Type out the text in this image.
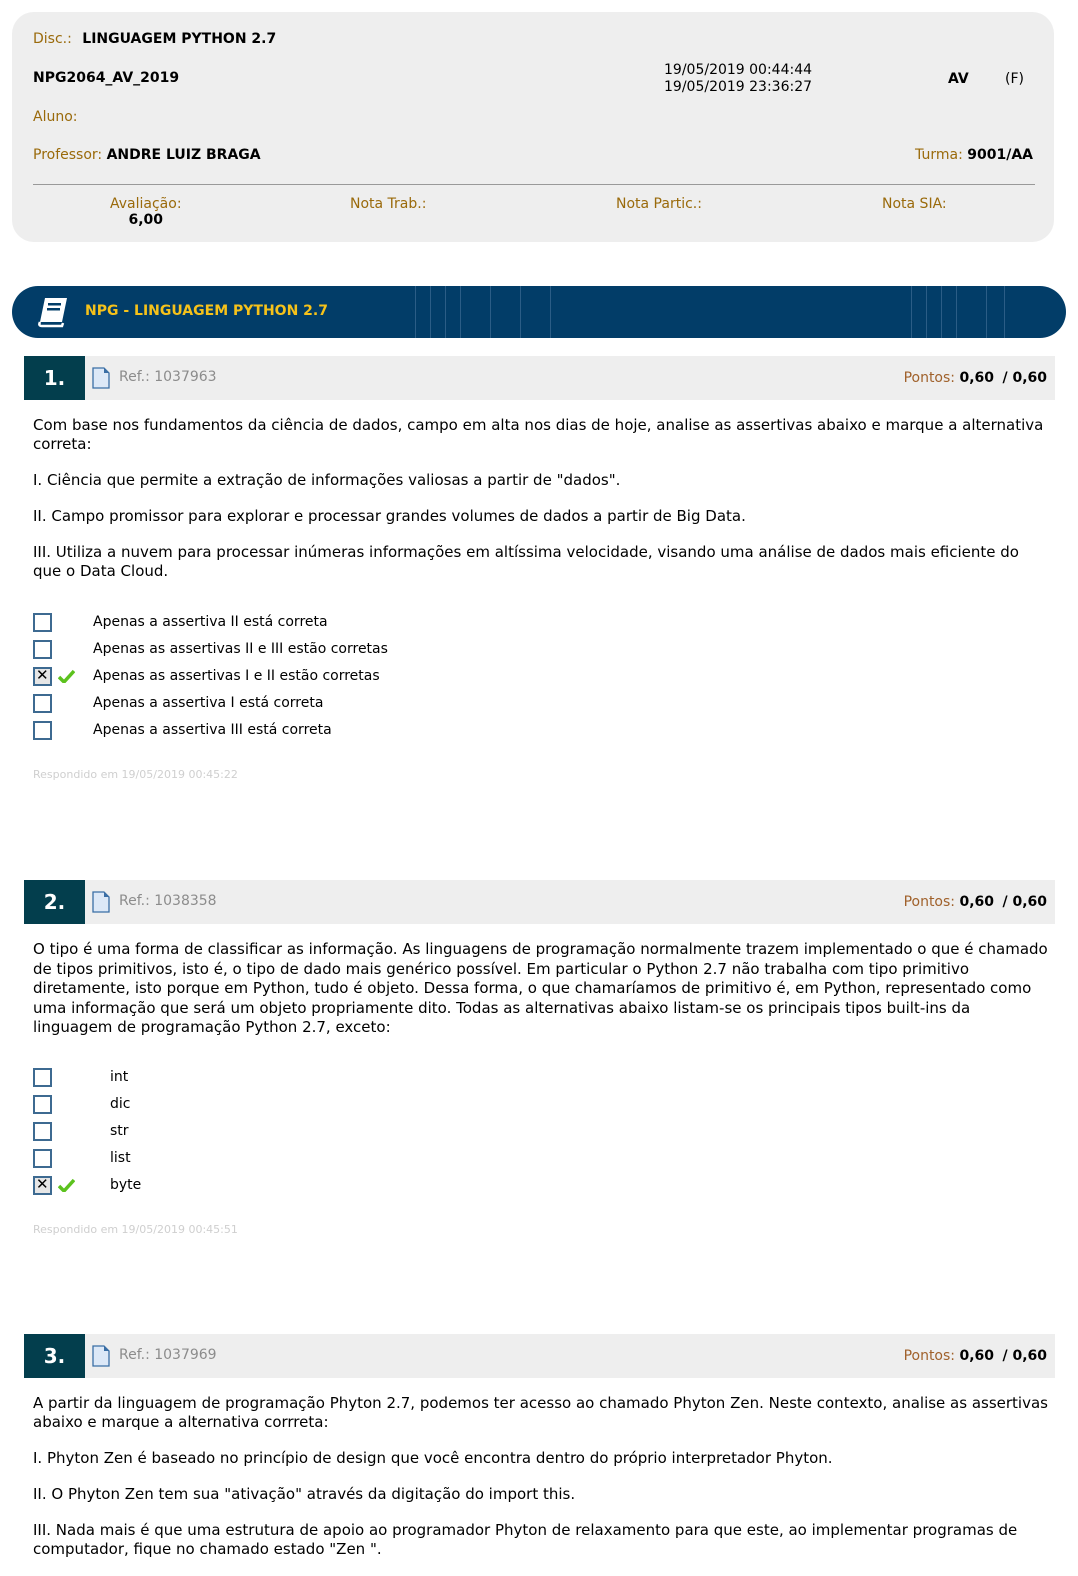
Disc.: LINGUAGEM PYTHON 2.7
NPG2064_AV_2019	19/05/2019 00:44:44
19/05/2019 23:36:27	AV	(F)
Aluno:
Professor: ANDRE LUIZ BRAGA	Turma: 9001/AA
Avaliação:
6,00
Nota Trab.:	Nota Partic.:	Nota SIA:
NPG - LINGUAGEM PYTHON 2.7
1.	Ref.: 1037963	Pontos: 0,60 / 0,60

Com base nos fundamentos da ciência de dados, campo em alta nos dias de hoje, analise as assertivas abaixo e marque a alternativa correta:

I. Ciência que permite a extração de informações valiosas a partir de "dados".

II. Campo promissor para explorar e processar grandes volumes de dados a partir de Big Data.

III. Utiliza a nuvem para processar inúmeras informações em altíssima velocidade, visando uma análise de dados mais eficiente do que o Data Cloud.

Apenas a assertiva II está correta
Apenas as assertivas II e III estão corretas
✕
Apenas as assertivas I e II estão corretas
Apenas a assertiva I está correta
Apenas a assertiva III está correta
Respondido em 19/05/2019 00:45:22
2.	Ref.: 1038358	Pontos: 0,60 / 0,60

O tipo é uma forma de classificar as informação. As linguagens de programação normalmente trazem implementado o que é chamado de tipos primitivos, isto é, o tipo de dado mais genérico possível. Em particular o Python 2.7 não trabalha com tipo primitivo diretamente, isto porque em Python, tudo é objeto. Dessa forma, o que chamaríamos de primitivo é, em Python, representado como uma informação que será um objeto propriamente dito. Todas as alternativas abaixo listam-se os principais tipos built-ins da linguagem de programação Python 2.7, exceto:

int
dic
str
list
✕
byte
Respondido em 19/05/2019 00:45:51
3.	Ref.: 1037969	Pontos: 0,60 / 0,60

A partir da linguagem de programação Phyton 2.7, podemos ter acesso ao chamado Phyton Zen. Neste contexto, analise as assertivas abaixo e marque a alternativa corrreta:

I. Phyton Zen é baseado no princípio de design que você encontra dentro do próprio interpretador Phyton.

II. O Phyton Zen tem sua "ativação" através da digitação do import this.

III. Nada mais é que uma estrutura de apoio ao programador Phyton de relaxamento para que este, ao implementar programas de computador, fique no chamado estado "Zen ".
